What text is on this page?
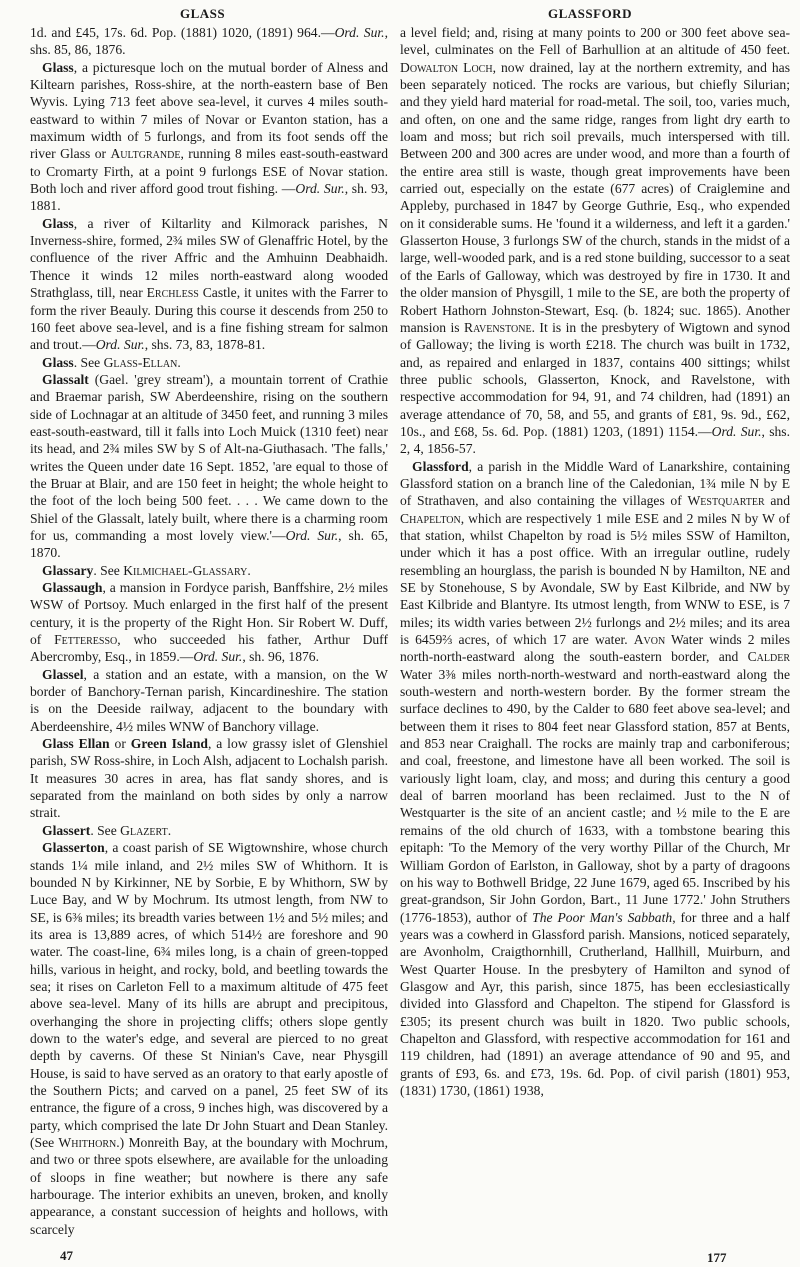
GLASS	GLASSFORD

1d. and £45, 17s. 6d. Pop. (1881) 1020, (1891) 964.—Ord. Sur., shs. 85, 86, 1876.

Glass, a picturesque loch on the mutual border of Alness and Kiltearn parishes, Ross-shire, at the north-eastern base of Ben Wyvis. Lying 713 feet above sea-level, it curves 4 miles south-eastward to within 7 miles of Novar or Evanton station, has a maximum width of 5 furlongs, and from its foot sends off the river Glass or Aultgrande, running 8 miles east-south-eastward to Cromarty Firth, at a point 9 furlongs ESE of Novar station. Both loch and river afford good trout fishing. —Ord. Sur., sh. 93, 1881.

Glass, a river of Kiltarlity and Kilmorack parishes, N Inverness-shire, formed, 2¾ miles SW of Glenaffric Hotel, by the confluence of the river Affric and the Amhuinn Deabhaidh. Thence it winds 12 miles north-eastward along wooded Strathglass, till, near Erchless Castle, it unites with the Farrer to form the river Beauly. During this course it descends from 250 to 160 feet above sea-level, and is a fine fishing stream for salmon and trout.—Ord. Sur., shs. 73, 83, 1878-81.

Glass. See Glass-Ellan.

Glassalt (Gael. 'grey stream'), a mountain torrent of Crathie and Braemar parish, SW Aberdeenshire, rising on the southern side of Lochnagar at an altitude of 3450 feet, and running 3 miles east-south-eastward, till it falls into Loch Muick (1310 feet) near its head, and 2¾ miles SW by S of Alt-na-Giuthasach. 'The falls,' writes the Queen under date 16 Sept. 1852, 'are equal to those of the Bruar at Blair, and are 150 feet in height; the whole height to the foot of the loch being 500 feet. . . . We came down to the Shiel of the Glassalt, lately built, where there is a charming room for us, commanding a most lovely view.'—Ord. Sur., sh. 65, 1870.

Glassary. See Kilmichael-Glassary.

Glassaugh, a mansion in Fordyce parish, Banffshire, 2½ miles WSW of Portsoy. Much enlarged in the first half of the present century, it is the property of the Right Hon. Sir Robert W. Duff, of Fetteresso, who succeeded his father, Arthur Duff Abercromby, Esq., in 1859.—Ord. Sur., sh. 96, 1876.

Glassel, a station and an estate, with a mansion, on the W border of Banchory-Ternan parish, Kincardineshire. The station is on the Deeside railway, adjacent to the boundary with Aberdeenshire, 4½ miles WNW of Banchory village.

Glass Ellan or Green Island, a low grassy islet of Glenshiel parish, SW Ross-shire, in Loch Alsh, adjacent to Lochalsh parish. It measures 30 acres in area, has flat sandy shores, and is separated from the mainland on both sides by only a narrow strait.

Glassert. See Glazert.

Glasserton, a coast parish of SE Wigtownshire, whose church stands 1¼ mile inland, and 2½ miles SW of Whithorn. It is bounded N by Kirkinner, NE by Sorbie, E by Whithorn, SW by Luce Bay, and W by Mochrum. Its utmost length, from NW to SE, is 6⅜ miles; its breadth varies between 1½ and 5½ miles; and its area is 13,889 acres, of which 514½ are foreshore and 90 water. The coast-line, 6¾ miles long, is a chain of green-topped hills, various in height, and rocky, bold, and beetling towards the sea; it rises on Carleton Fell to a maximum altitude of 475 feet above sea-level. Many of its hills are abrupt and precipitous, overhanging the shore in projecting cliffs; others slope gently down to the water's edge, and several are pierced to no great depth by caverns. Of these St Ninian's Cave, near Physgill House, is said to have served as an oratory to that early apostle of the Southern Picts; and carved on a panel, 25 feet SW of its entrance, the figure of a cross, 9 inches high, was discovered by a party, which comprised the late Dr John Stuart and Dean Stanley. (See Whithorn.) Monreith Bay, at the boundary with Mochrum, and two or three spots elsewhere, are available for the unloading of sloops in fine weather; but nowhere is there any safe harbourage. The interior exhibits an uneven, broken, and knolly appearance, a constant succession of heights and hollows, with scarcely

a level field; and, rising at many points to 200 or 300 feet above sea-level, culminates on the Fell of Barhullion at an altitude of 450 feet. Dowalton Loch, now drained, lay at the northern extremity, and has been separately noticed. The rocks are various, but chiefly Silurian; and they yield hard material for road-metal. The soil, too, varies much, and often, on one and the same ridge, ranges from light dry earth to loam and moss; but rich soil prevails, much interspersed with till. Between 200 and 300 acres are under wood, and more than a fourth of the entire area still is waste, though great improvements have been carried out, especially on the estate (677 acres) of Craiglemine and Appleby, purchased in 1847 by George Guthrie, Esq., who expended on it considerable sums. He 'found it a wilderness, and left it a garden.' Glasserton House, 3 furlongs SW of the church, stands in the midst of a large, well-wooded park, and is a red stone building, successor to a seat of the Earls of Galloway, which was destroyed by fire in 1730. It and the older mansion of Physgill, 1 mile to the SE, are both the property of Robert Hathorn Johnston-Stewart, Esq. (b. 1824; suc. 1865). Another mansion is Ravenstone. It is in the presbytery of Wigtown and synod of Galloway; the living is worth £218. The church was built in 1732, and, as repaired and enlarged in 1837, contains 400 sittings; whilst three public schools, Glasserton, Knock, and Ravelstone, with respective accommodation for 94, 91, and 74 children, had (1891) an average attendance of 70, 58, and 55, and grants of £81, 9s. 9d., £62, 10s., and £68, 5s. 6d. Pop. (1881) 1203, (1891) 1154.—Ord. Sur., shs. 2, 4, 1856-57.

Glassford, a parish in the Middle Ward of Lanarkshire, containing Glassford station on a branch line of the Caledonian, 1¾ mile N by E of Strathaven, and also containing the villages of Westquarter and Chapelton, which are respectively 1 mile ESE and 2 miles N by W of that station, whilst Chapelton by road is 5½ miles SSW of Hamilton, under which it has a post office. With an irregular outline, rudely resembling an hourglass, the parish is bounded N by Hamilton, NE and SE by Stonehouse, S by Avondale, SW by East Kilbride, and NW by East Kilbride and Blantyre. Its utmost length, from WNW to ESE, is 7 miles; its width varies between 2½ furlongs and 2½ miles; and its area is 6459⅔ acres, of which 17 are water. Avon Water winds 2 miles north-north-eastward along the south-eastern border, and Calder Water 3⅜ miles north-north-westward and north-eastward along the south-western and north-western border. By the former stream the surface declines to 490, by the Calder to 680 feet above sea-level; and between them it rises to 804 feet near Glassford station, 857 at Bents, and 853 near Craighall. The rocks are mainly trap and carboniferous; and coal, freestone, and limestone have all been worked. The soil is variously light loam, clay, and moss; and during this century a good deal of barren moorland has been reclaimed. Just to the N of Westquarter is the site of an ancient castle; and ½ mile to the E are remains of the old church of 1633, with a tombstone bearing this epitaph: 'To the Memory of the very worthy Pillar of the Church, Mr William Gordon of Earlston, in Galloway, shot by a party of dragoons on his way to Bothwell Bridge, 22 June 1679, aged 65. Inscribed by his great-grandson, Sir John Gordon, Bart., 11 June 1772.' John Struthers (1776-1853), author of The Poor Man's Sabbath, for three and a half years was a cowherd in Glassford parish. Mansions, noticed separately, are Avonholm, Craigthornhill, Crutherland, Hallhill, Muirburn, and West Quarter House. In the presbytery of Hamilton and synod of Glasgow and Ayr, this parish, since 1875, has been ecclesiastically divided into Glassford and Chapelton. The stipend for Glassford is £305; its present church was built in 1820. Two public schools, Chapelton and Glassford, with respective accommodation for 161 and 119 children, had (1891) an average attendance of 90 and 95, and grants of £93, 6s. and £73, 19s. 6d. Pop. of civil parish (1801) 953, (1831) 1730, (1861) 1938,

47	177
